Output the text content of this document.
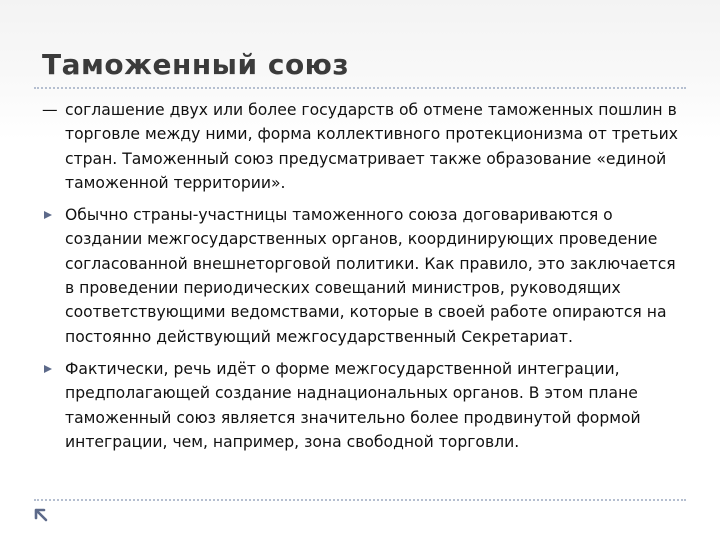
Таможенный союз
— соглашение двух или более государств об отмене таможенных пошлин в торговле между ними, форма коллективного протекционизма от третьих стран. Таможенный союз предусматривает также образование «единой таможенной территории».
Обычно страны-участницы таможенного союза договариваются о создании межгосударственных органов, координирующих проведение согласованной внешнеторговой политики. Как правило, это заключается в проведении периодических совещаний министров, руководящих соответствующими ведомствами, которые в своей работе опираются на постоянно действующий межгосударственный Секретариат.
Фактически, речь идёт о форме межгосударственной интеграции, предполагающей создание наднациональных органов. В этом плане таможенный союз является значительно более продвинутой формой интеграции, чем, например, зона свободной торговли.
